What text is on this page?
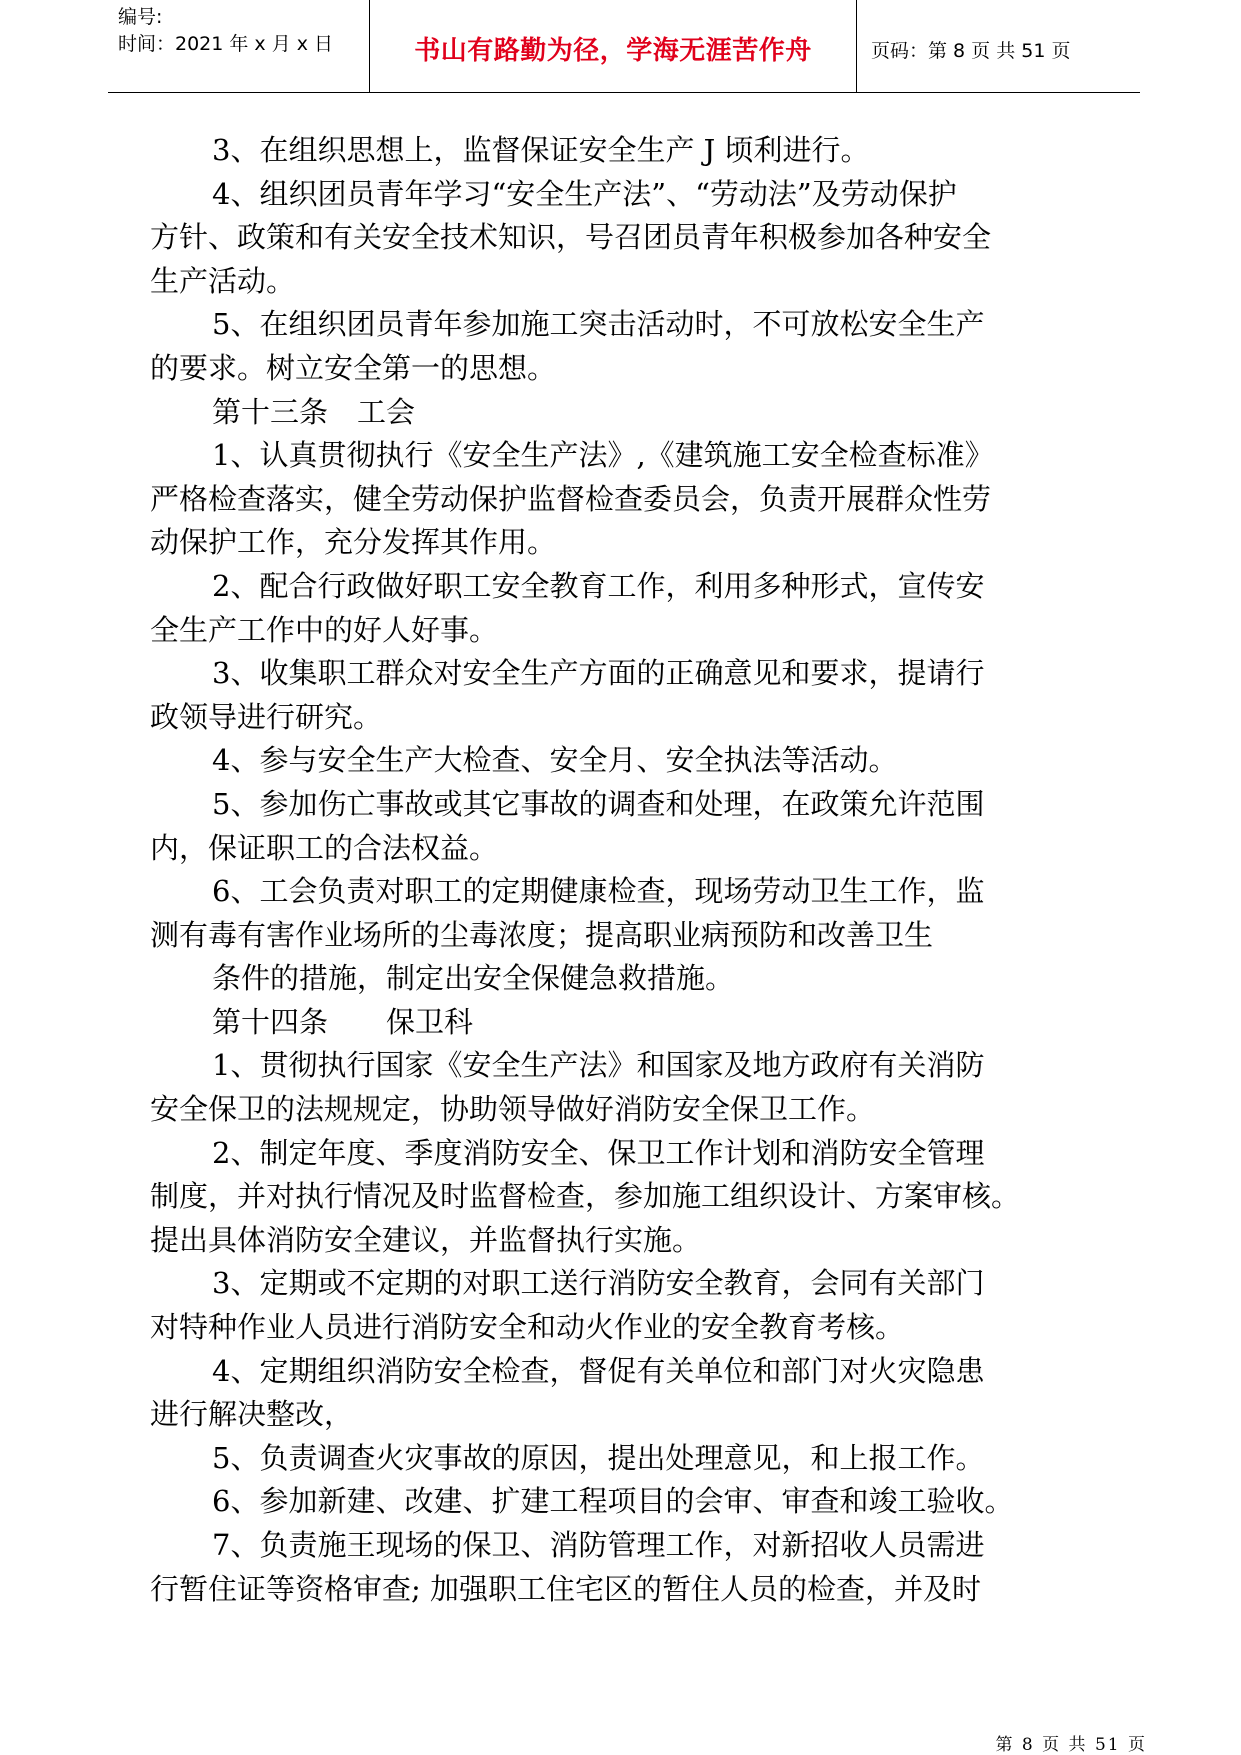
编号:
时间：2021 年 x 月 x 日	书山有路勤为径，学海无涯苦作舟	页码：第 8 页 共 51 页
3、在组织思想上，监督保证安全生产 J 顷利进行。
4、组织团员青年学习“安全生产法”、“劳动法”及劳动保护
方针、政策和有关安全技术知识，号召团员青年积极参加各种安全
生产活动。
5、在组织团员青年参加施工突击活动时，不可放松安全生产
的要求。树立安全第一的思想。
第十三条　工会
1、认真贯彻执行《安全生产法》,《建筑施工安全检查标准》
严格检查落实，健全劳动保护监督检查委员会，负责开展群众性劳
动保护工作，充分发挥其作用。
2、配合行政做好职工安全教育工作，利用多种形式，宣传安
全生产工作中的好人好事。
3、收集职工群众对安全生产方面的正确意见和要求，提请行
政领导进行研究。
4、参与安全生产大检查、安全月、安全执法等活动。
5、参加伤亡事故或其它事故的调查和处理，在政策允许范围
内，保证职工的合法权益。
6、工会负责对职工的定期健康检查，现场劳动卫生工作，监
测有毒有害作业场所的尘毒浓度；提高职业病预防和改善卫生
条件的措施，制定出安全保健急救措施。
第十四条　　保卫科
1、贯彻执行国家《安全生产法》和国家及地方政府有关消防
安全保卫的法规规定，协助领导做好消防安全保卫工作。
2、制定年度、季度消防安全、保卫工作计划和消防安全管理
制度，并对执行情况及时监督检查，参加施工组织设计、方案审核。
提出具体消防安全建议，并监督执行实施。
3、定期或不定期的对职工送行消防安全教育，会同有关部门
对特种作业人员进行消防安全和动火作业的安全教育考核。
4、定期组织消防安全检查，督促有关单位和部门对火灾隐患
进行解决整改，
5、负责调查火灾事故的原因，提出处理意见，和上报工作。
6、参加新建、改建、扩建工程项目的会审、审查和竣工验收。
7、负责施王现场的保卫、消防管理工作，对新招收人员需进
行暂住证等资格审查; 加强职工住宅区的暂住人员的检查，并及时
第 8 页 共 51 页
